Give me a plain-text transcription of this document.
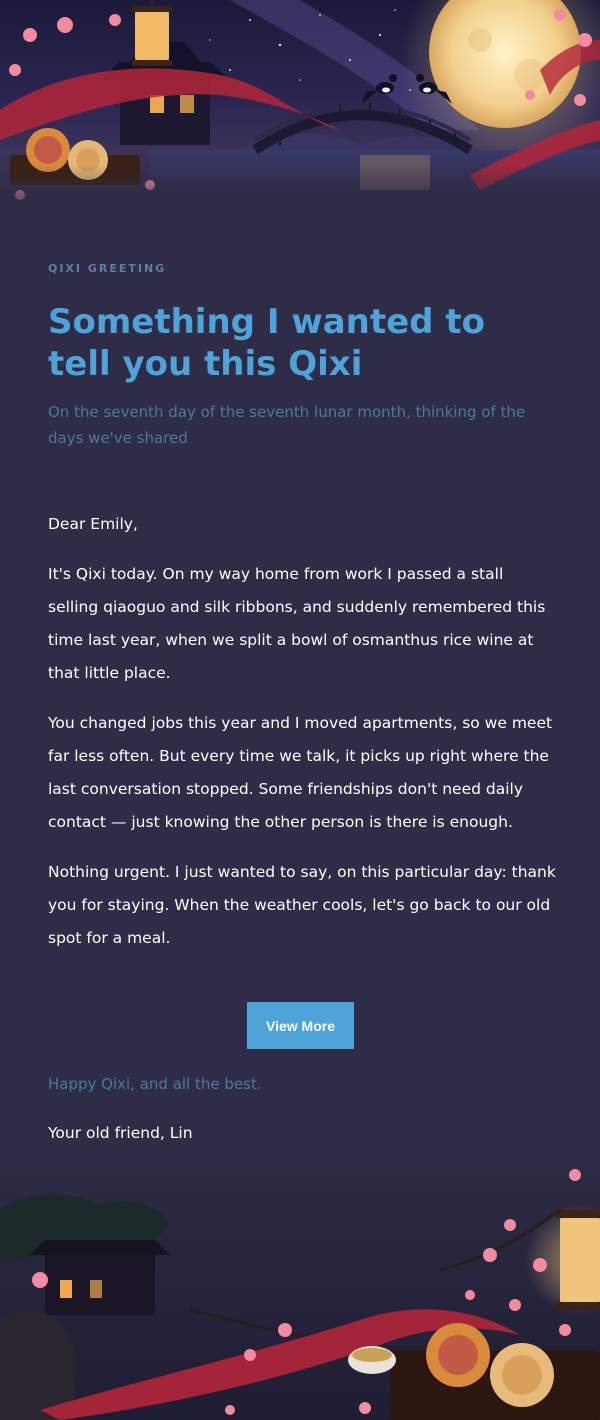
QIXI GREETING
Something I wanted to tell you this Qixi
On the seventh day of the seventh lunar month, thinking of the days we've shared

Dear Emily,

It's Qixi today. On my way home from work I passed a stall selling qiaoguo and silk ribbons, and suddenly remembered this time last year, when we split a bowl of osmanthus rice wine at that little place.

You changed jobs this year and I moved apartments, so we meet far less often. But every time we talk, it picks up right where the last conversation stopped. Some friendships don't need daily contact — just knowing the other person is there is enough.

Nothing urgent. I just wanted to say, on this particular day: thank you for staying. When the weather cools, let's go back to our old spot for a meal.

View More
Happy Qixi, and all the best.
Your old friend, Lin
